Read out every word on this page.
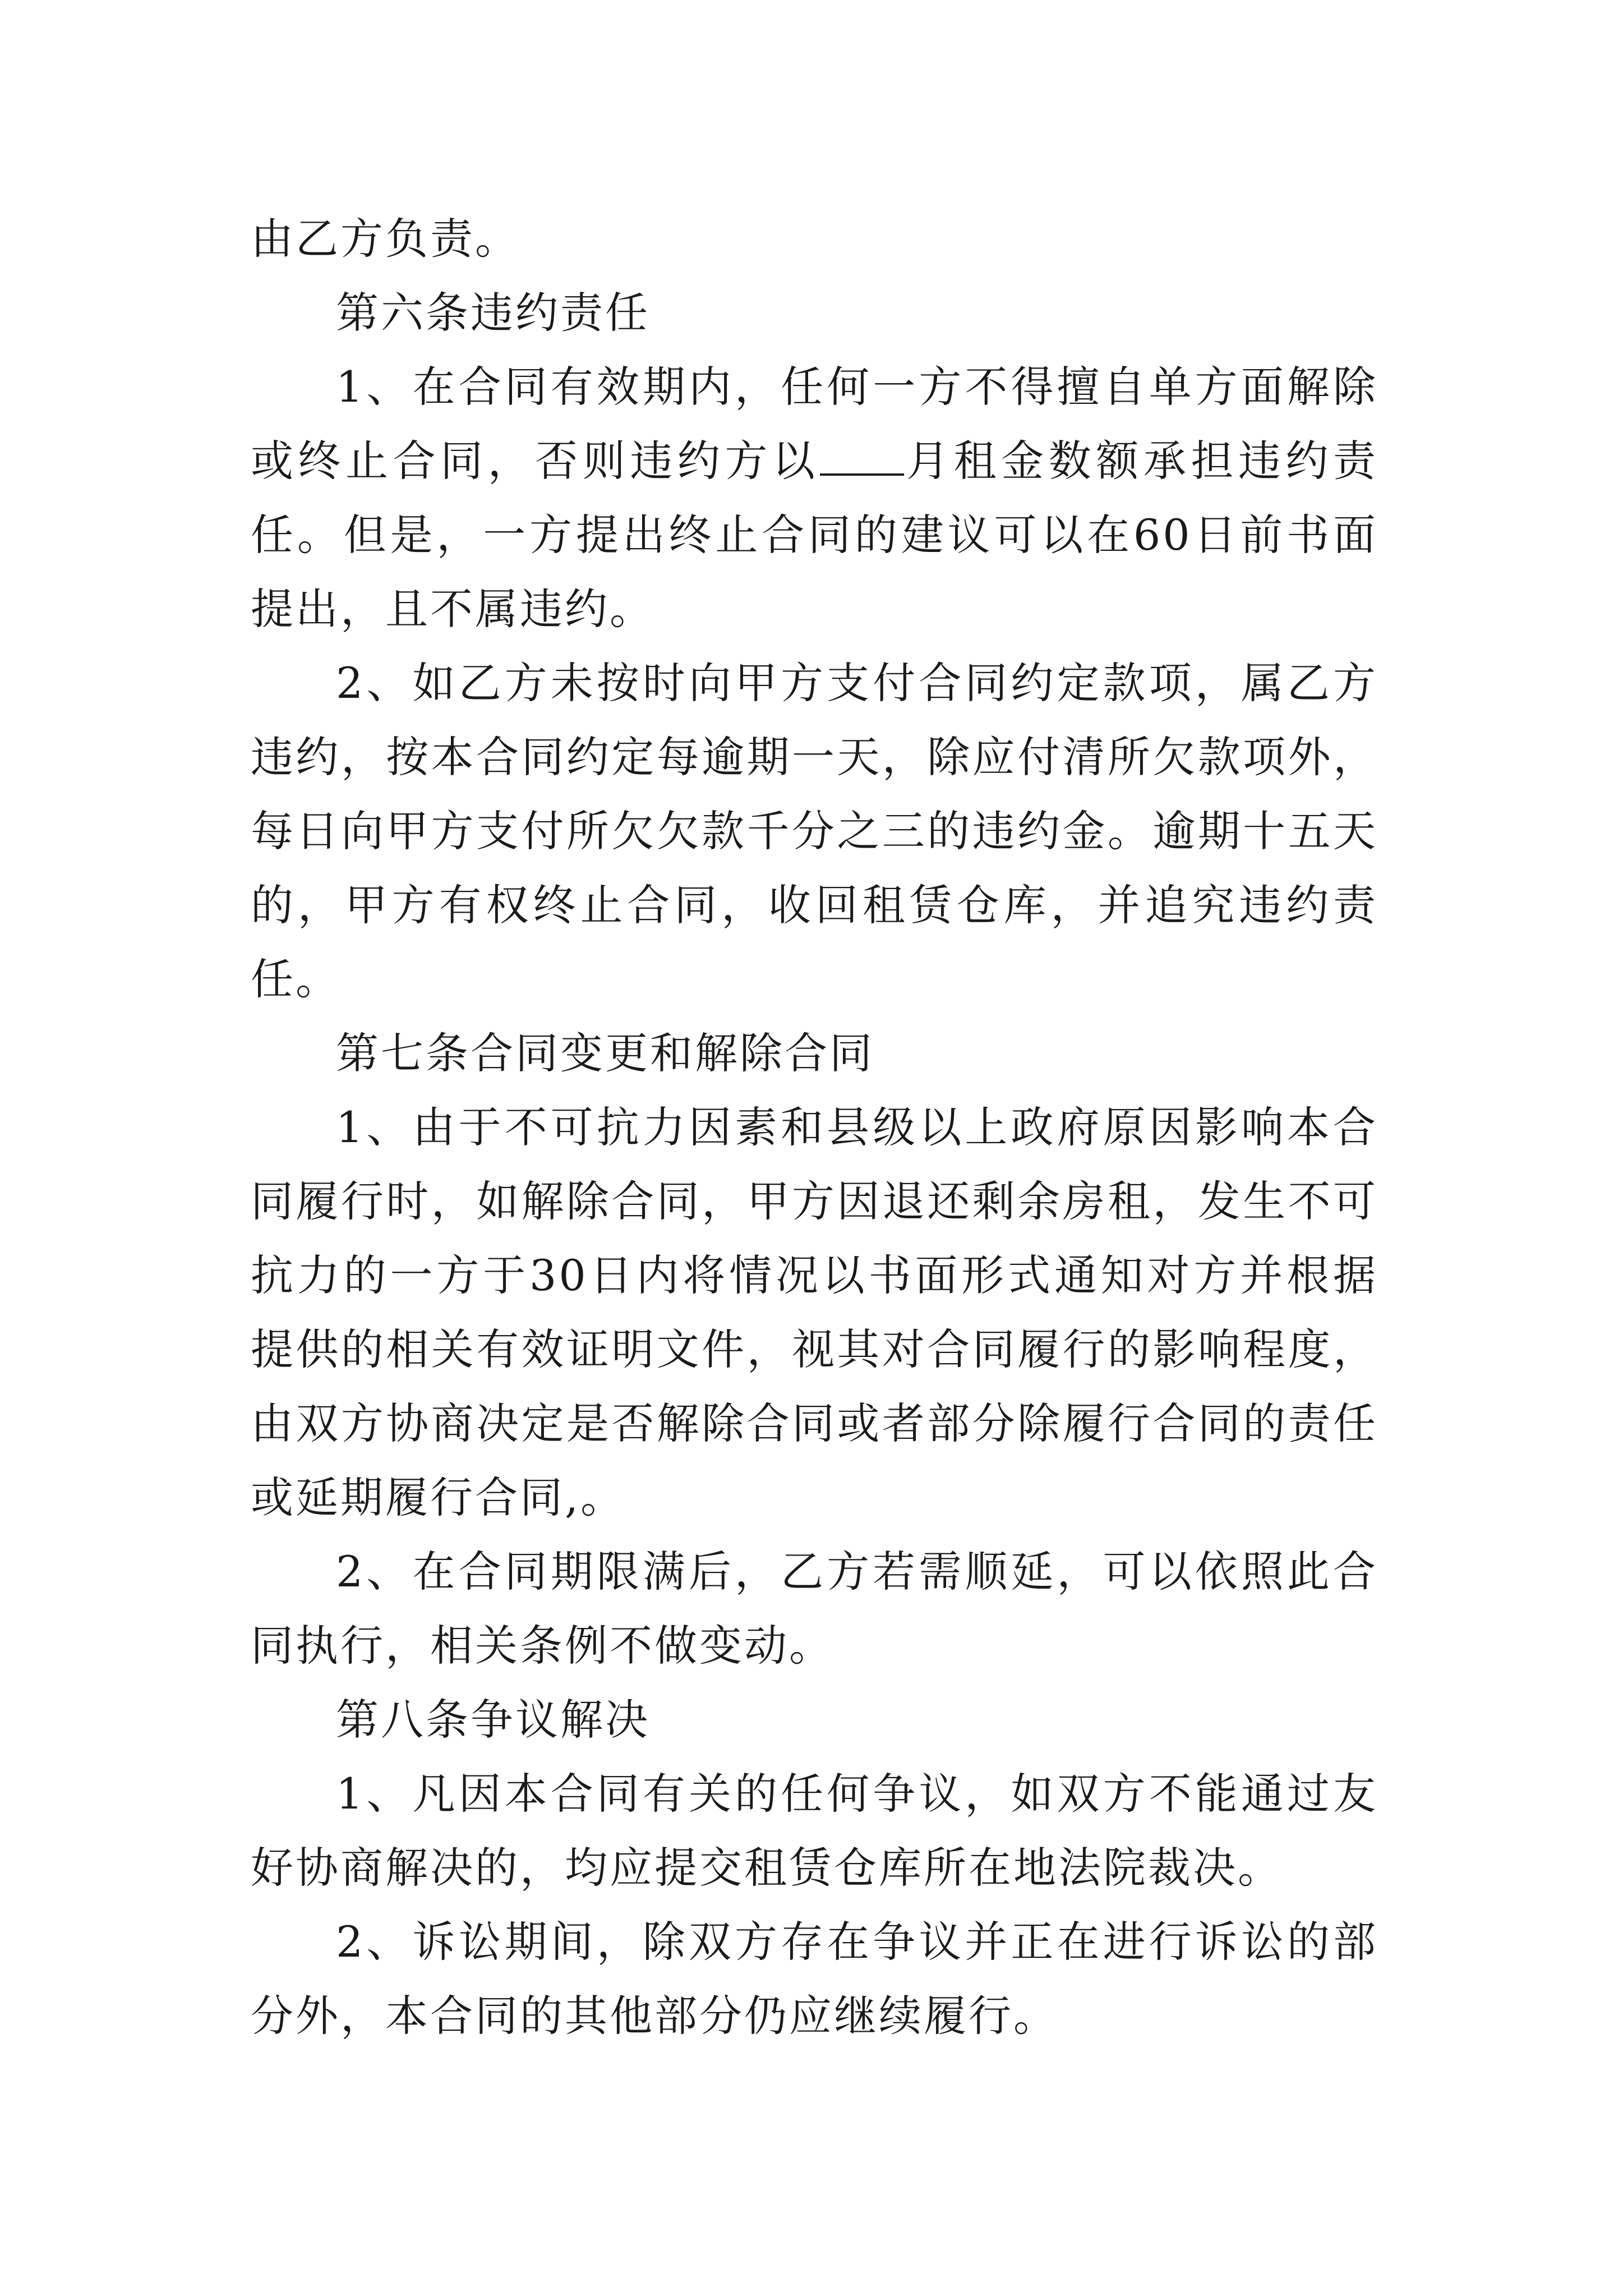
由乙方负责。

第六条违约责任

1、在合同有效期内，任何一方不得擅自单方面解除或终止合同，否则违约方以 月租金数额承担违约责任。但是，一方提出终止合同的建议可以在60日前书面提出，且不属违约。

2、如乙方未按时向甲方支付合同约定款项，属乙方违约，按本合同约定每逾期一天，除应付清所欠款项外，每日向甲方支付所欠欠款千分之三的违约金。逾期十五天的，甲方有权终止合同，收回租赁仓库，并追究违约责任。

第七条合同变更和解除合同

1、由于不可抗力因素和县级以上政府原因影响本合同履行时，如解除合同，甲方因退还剩余房租，发生不可抗力的一方于30日内将情况以书面形式通知对方并根据提供的相关有效证明文件，视其对合同履行的影响程度，由双方协商决定是否解除合同或者部分除履行合同的责任或延期履行合同,。

2、在合同期限满后，乙方若需顺延，可以依照此合同执行，相关条例不做变动。

第八条争议解决

1、凡因本合同有关的任何争议，如双方不能通过友好协商解决的，均应提交租赁仓库所在地法院裁决。

2、诉讼期间，除双方存在争议并正在进行诉讼的部分外，本合同的其他部分仍应继续履行。
